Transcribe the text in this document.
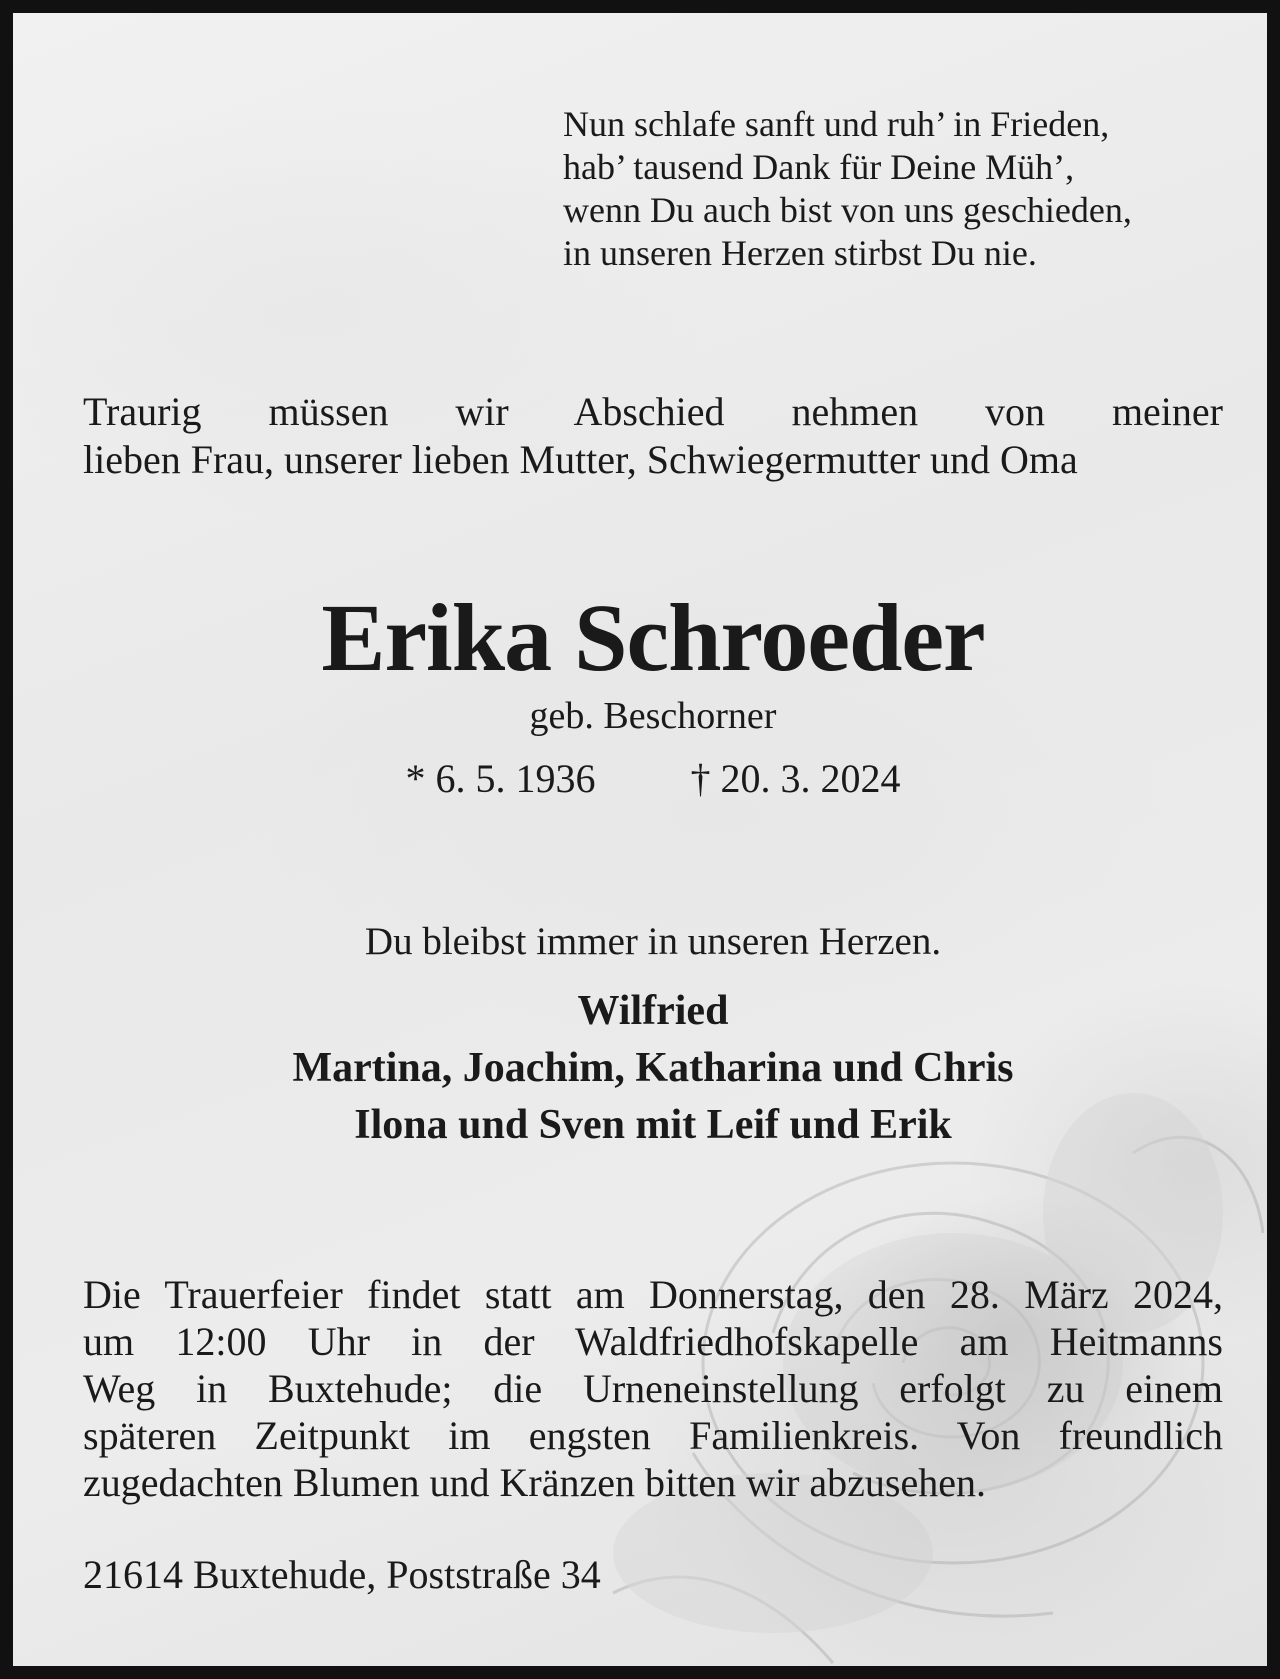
Nun schlafe sanft und ruh’ in Frieden,
hab’ tausend Dank für Deine Müh’,
wenn Du auch bist von uns geschieden,
in unseren Herzen stirbst Du nie.
Traurig müssen wir Abschied nehmen von meiner
lieben Frau, unserer lieben Mutter, Schwiegermutter und Oma
Erika Schroeder
geb. Beschorner
* 6. 5. 1936 † 20. 3. 2024
Du bleibst immer in unseren Herzen.
Wilfried
Martina, Joachim, Katharina und Chris
Ilona und Sven mit Leif und Erik
Die Trauerfeier findet statt am Donnerstag, den 28. März 2024,
um 12:00 Uhr in der Waldfriedhofskapelle am Heitmanns
Weg in Buxtehude; die Urneneinstellung erfolgt zu einem
späteren Zeitpunkt im engsten Familienkreis. Von freundlich
zugedachten Blumen und Kränzen bitten wir abzusehen.
21614 Buxtehude, Poststraße 34
